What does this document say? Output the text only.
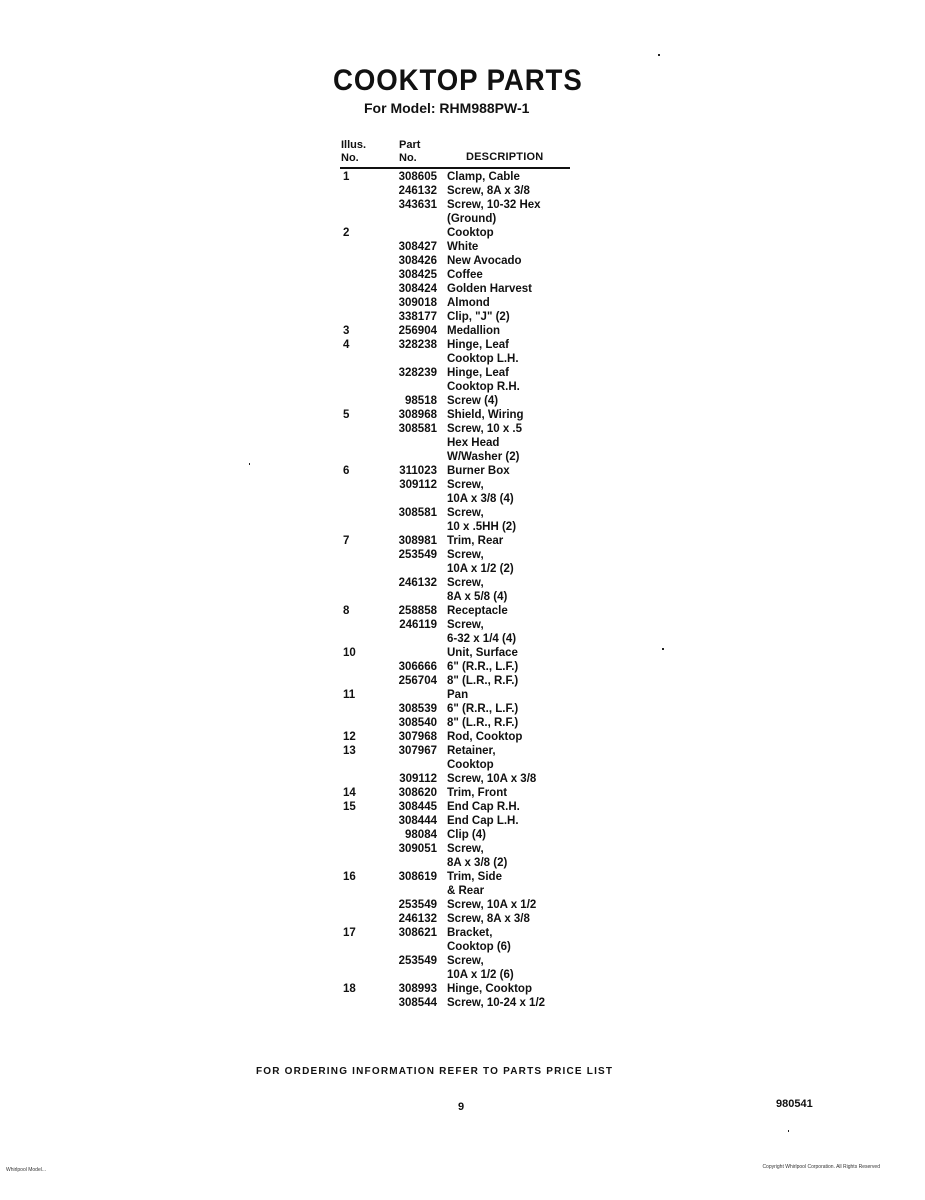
COOKTOP PARTS
For Model: RHM988PW-1
Illus. No.
Part No.	DESCRIPTION
1	308605 Clamp, Cable
246132 Screw, 8A x 3/8
343631 Screw, 10-32 Hex
(Ground)
2	Cooktop
308427 White
308426 New Avocado
308425 Coffee
308424 Golden Harvest
309018 Almond
338177 Clip, "J" (2)
3	256904 Medallion
4	328238 Hinge, Leaf
Cooktop L.H.
328239 Hinge, Leaf
Cooktop R.H.
98518 Screw (4)
5	308968 Shield, Wiring
308581 Screw, 10 x .5
Hex Head
W/Washer (2)
6	311023 Burner Box
309112 Screw,
10A x 3/8 (4)
308581 Screw,
10 x .5HH (2)
7	308981 Trim, Rear
253549 Screw,
10A x 1/2 (2)
246132 Screw,
8A x 5/8 (4)
8	258858 Receptacle
246119 Screw,
6-32 x 1/4 (4)
10	Unit, Surface
306666 6" (R.R., L.F.)
256704 8" (L.R., R.F.)
11	Pan
308539 6" (R.R., L.F.)
308540 8" (L.R., R.F.)
12	307968 Rod, Cooktop
13	307967 Retainer,
Cooktop
309112 Screw, 10A x 3/8
14	308620 Trim, Front
15	308445 End Cap R.H.
308444 End Cap L.H.
98084 Clip (4)
309051 Screw,
8A x 3/8 (2)
16	308619 Trim, Side
& Rear
253549 Screw, 10A x 1/2
246132 Screw, 8A x 3/8
17	308621 Bracket,
Cooktop (6)
253549 Screw,
10A x 1/2 (6)
18	308993 Hinge, Cooktop
308544 Screw, 10-24 x 1/2
FOR ORDERING INFORMATION REFER TO PARTS PRICE LIST
9	980541
Whirlpool Model...	Copyright Whirlpool Corporation. All Rights Reserved
